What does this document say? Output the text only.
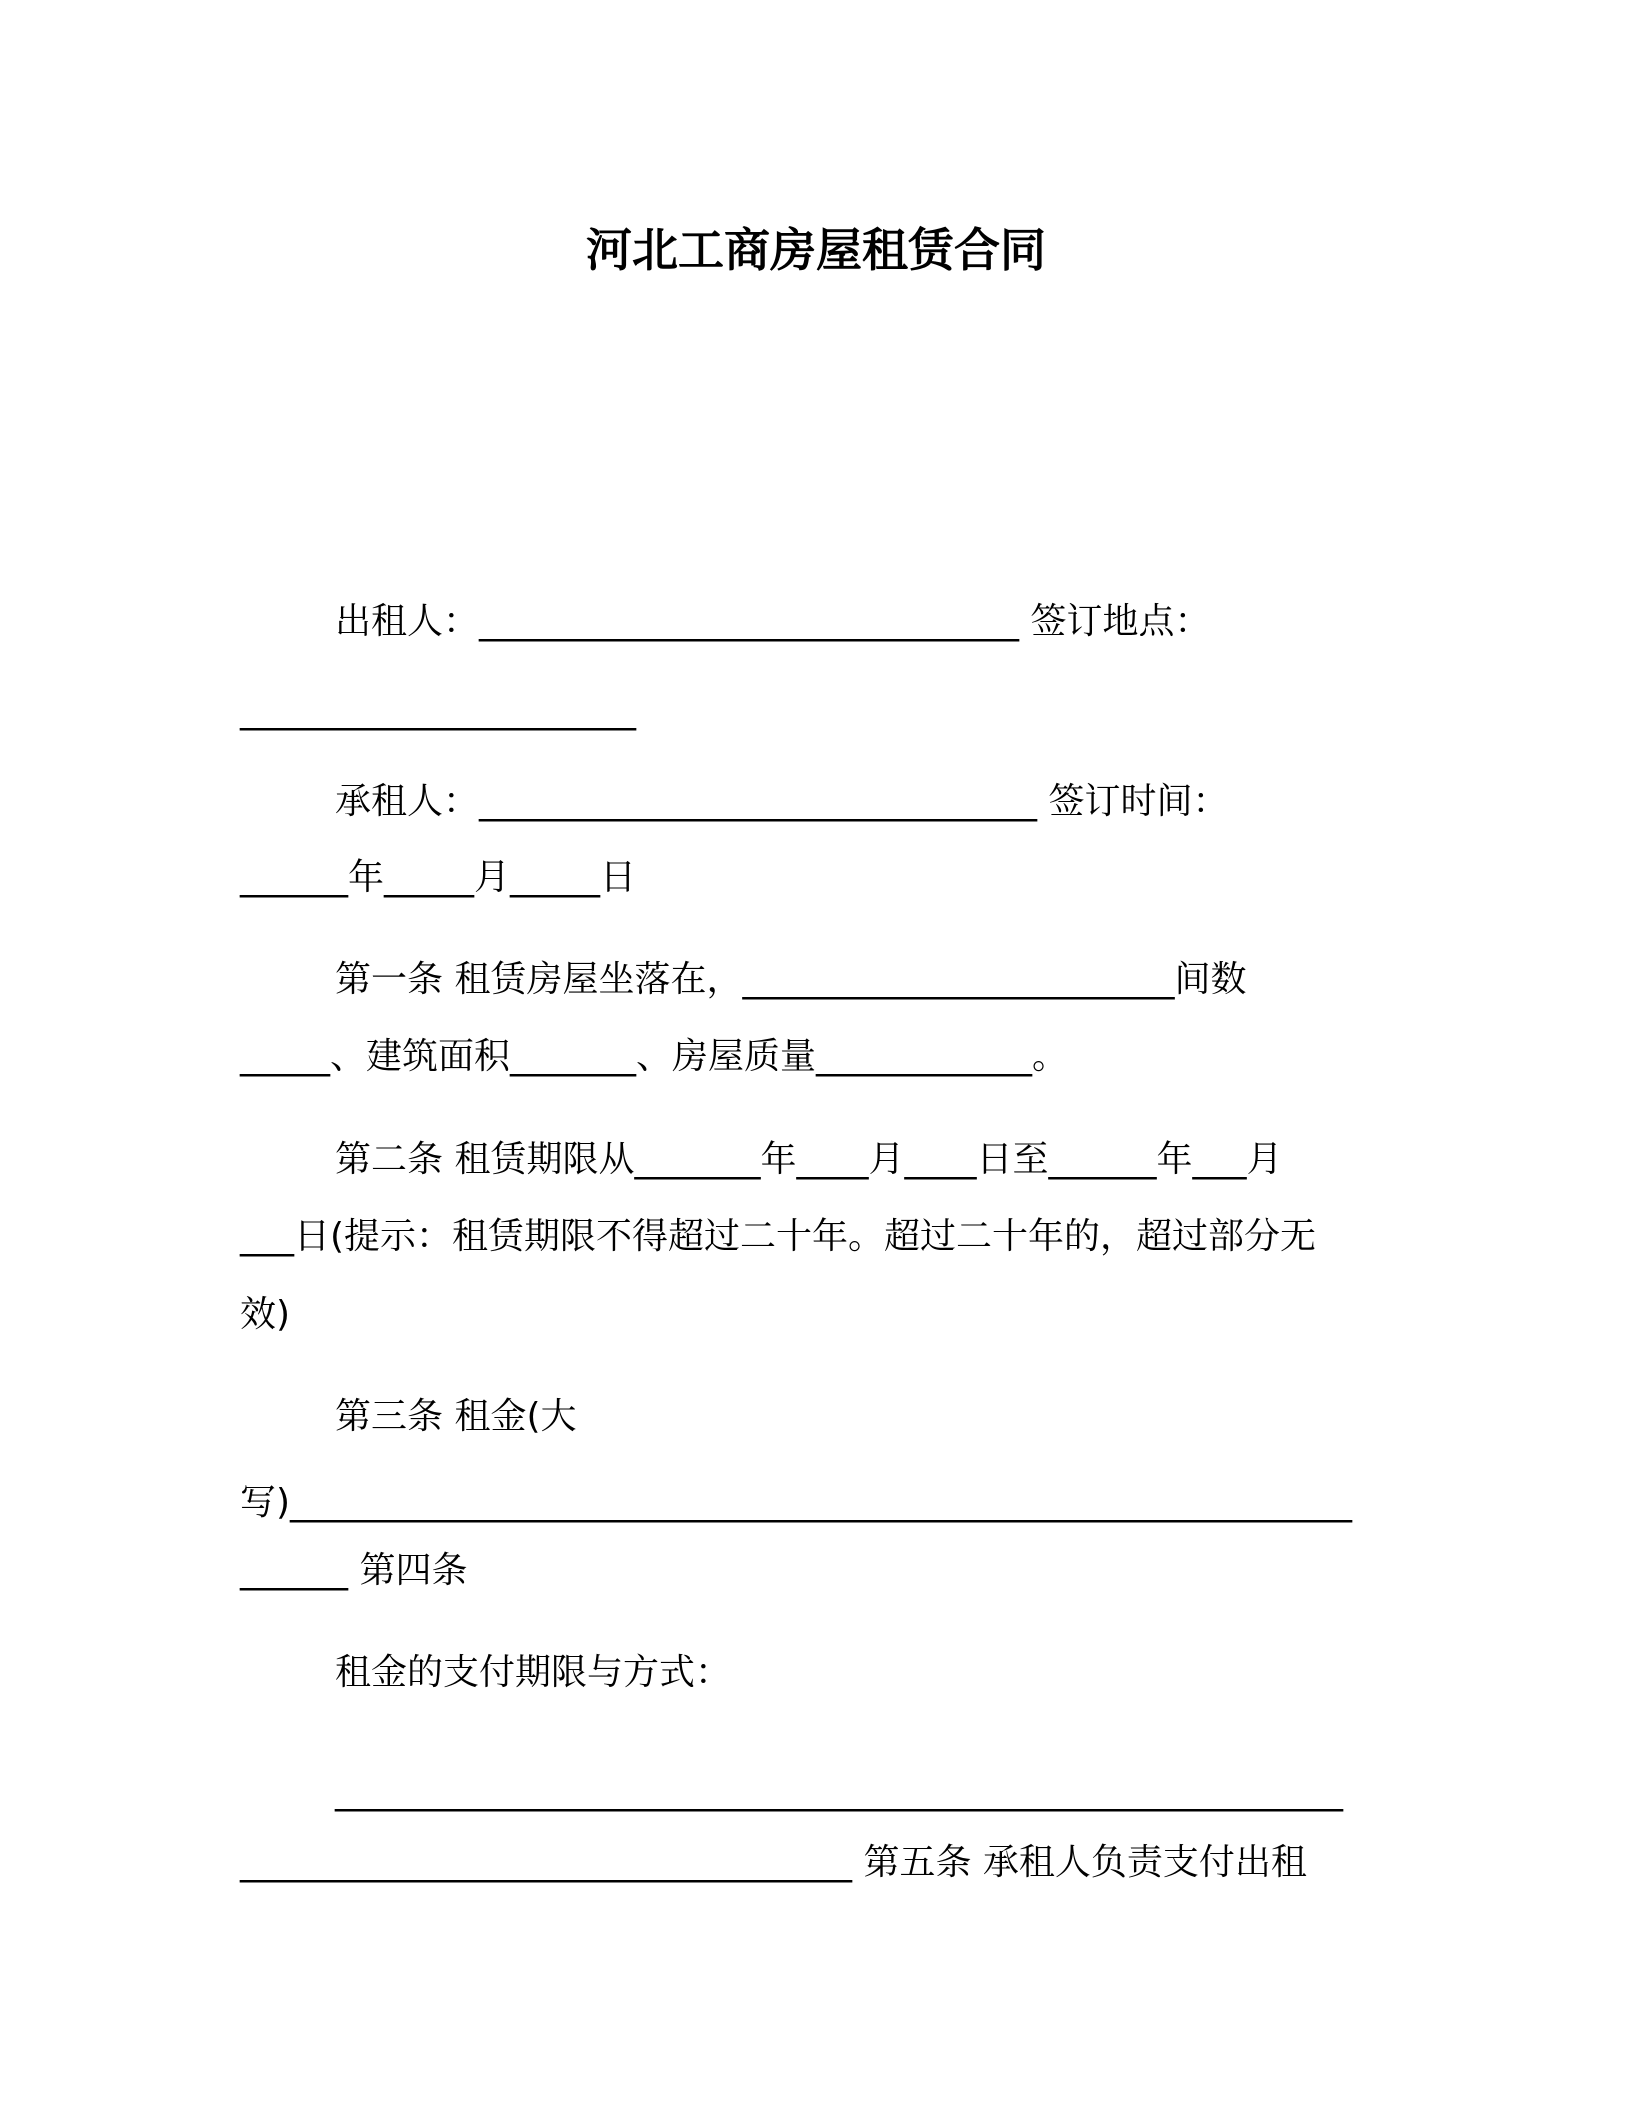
河北工商房屋租赁合同
出租人：______________________________ 签订地点：
______________________
承租人：_______________________________ 签订时间：
______年_____月_____日
第一条 租赁房屋坐落在，________________________间数
_____、建筑面积_______、房屋质量____________。
第二条 租赁期限从_______年____月____日至______年___月
___日(提示：租赁期限不得超过二十年。超过二十年的，超过部分无
效)
第三条 租金(大
写)___________________________________________________________
______ 第四条
租金的支付期限与方式：
________________________________________________________
__________________________________ 第五条 承租人负责支付出租
